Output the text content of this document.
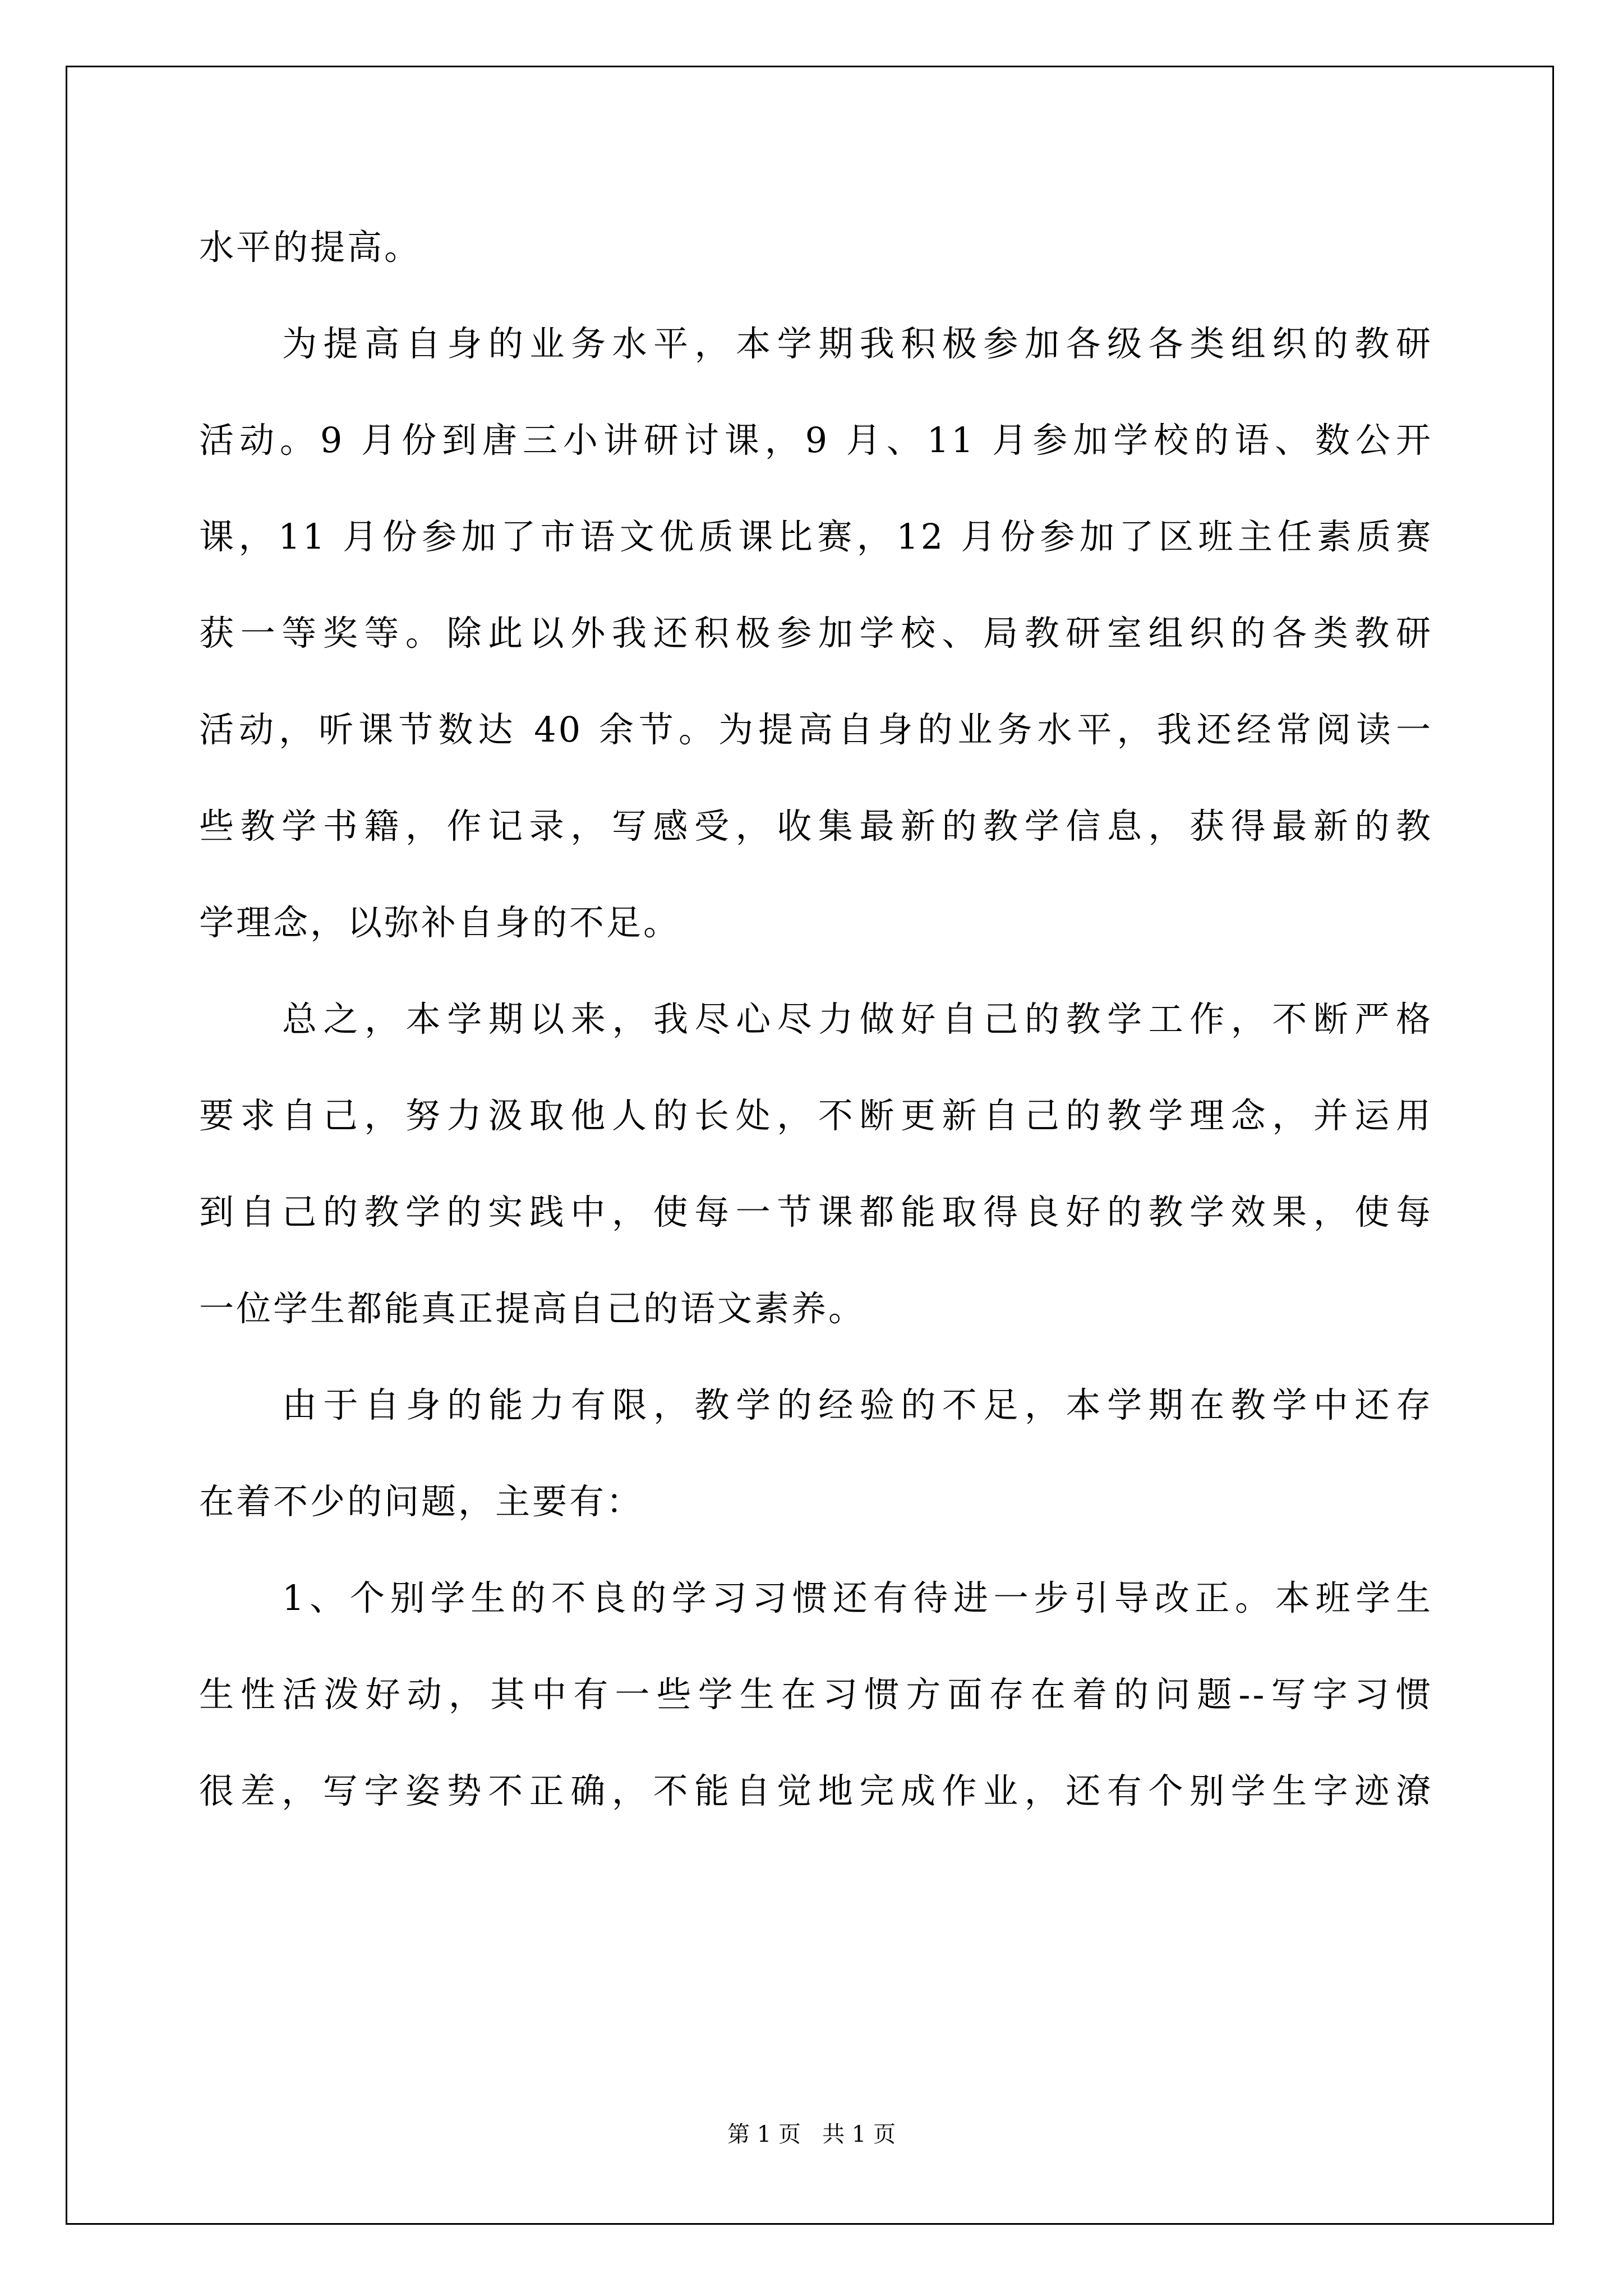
水平的提高。
为提高自身的业务水平，本学期我积极参加各级各类组织的教研
活动。9 月份到唐三小讲研讨课，9 月、11 月参加学校的语、数公开
课，11 月份参加了市语文优质课比赛，12 月份参加了区班主任素质赛
获一等奖等。除此以外我还积极参加学校、局教研室组织的各类教研
活动，听课节数达 40 余节。为提高自身的业务水平，我还经常阅读一
些教学书籍，作记录，写感受，收集最新的教学信息，获得最新的教
学理念，以弥补自身的不足。
总之，本学期以来，我尽心尽力做好自己的教学工作，不断严格
要求自己，努力汲取他人的长处，不断更新自己的教学理念，并运用
到自己的教学的实践中，使每一节课都能取得良好的教学效果，使每
一位学生都能真正提高自己的语文素养。
由于自身的能力有限，教学的经验的不足，本学期在教学中还存
在着不少的问题，主要有：
1、个别学生的不良的学习习惯还有待进一步引导改正。本班学生
生性活泼好动，其中有一些学生在习惯方面存在着的问题--写字习惯
很差，写字姿势不正确，不能自觉地完成作业，还有个别学生字迹潦
第 1 页   共 1 页
